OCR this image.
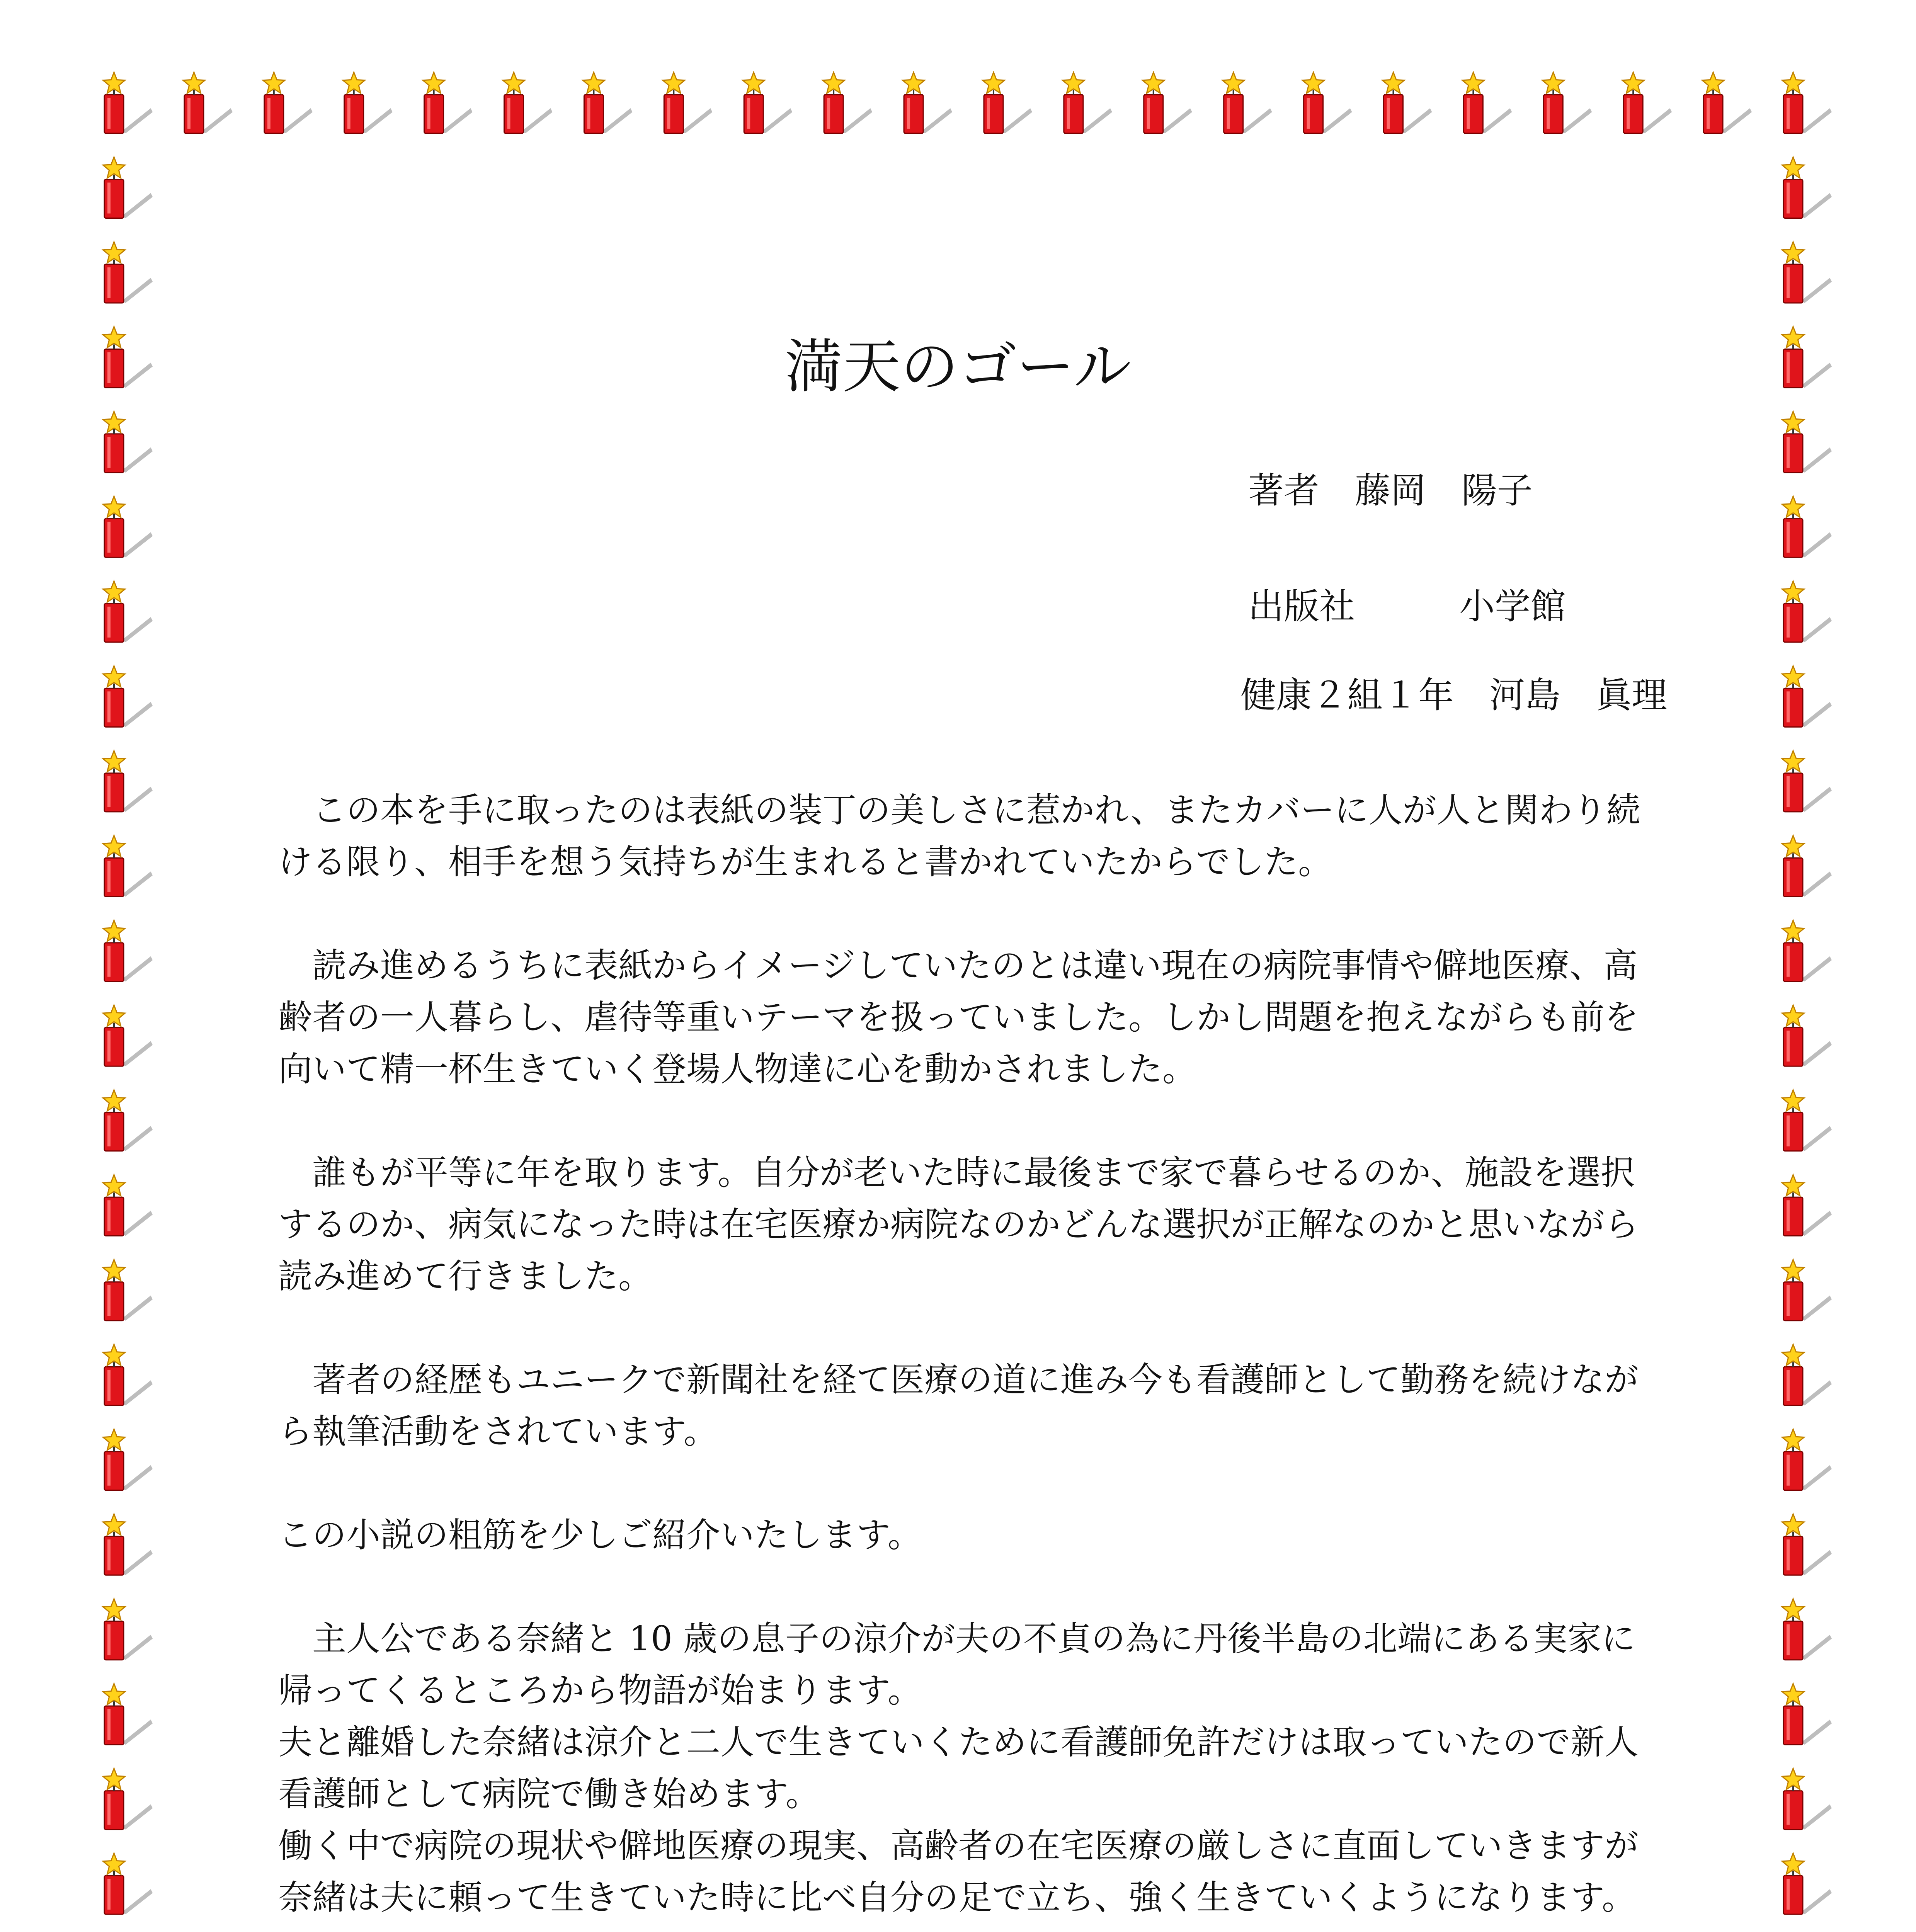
満天のゴール
著者　 藤岡　陽子
出版社	小学館
健康２組１年　河島　眞理

　この本を手に取ったのは表紙の装丁の美しさに惹かれ、またカバーに人が人と関わり続ける限り、相手を想う気持ちが生まれると書かれていたからでした。

　読み進めるうちに表紙からイメージしていたのとは違い現在の病院事情や僻地医療、高齢者の一人暮らし、虐待等重いテーマを扱っていました。しかし問題を抱えながらも前を向いて精一杯生きていく登場人物達に心を動かされました。

　誰もが平等に年を取ります。自分が老いた時に最後まで家で暮らせるのか、施設を選択するのか、病気になった時は在宅医療か病院なのかどんな選択が正解なのかと思いながら読み進めて行きました。

　著者の経歴もユニークで新聞社を経て医療の道に進み今も看護師として勤務を続けながら執筆活動をされています。

この小説の粗筋を少しご紹介いたします。

　主人公である奈緒と 10 歳の息子の涼介が夫の不貞の為に丹後半島の北端にある実家に帰ってくるところから物語が始まります。
夫と離婚した奈緒は涼介と二人で生きていくために看護師免許だけは取っていたので新人看護師として病院で働き始めます。
働く中で病院の現状や僻地医療の現実、高齢者の在宅医療の厳しさに直面していきますが奈緒は夫に頼って生きていた時に比べ自分の足で立ち、強く生きていくようになります。
